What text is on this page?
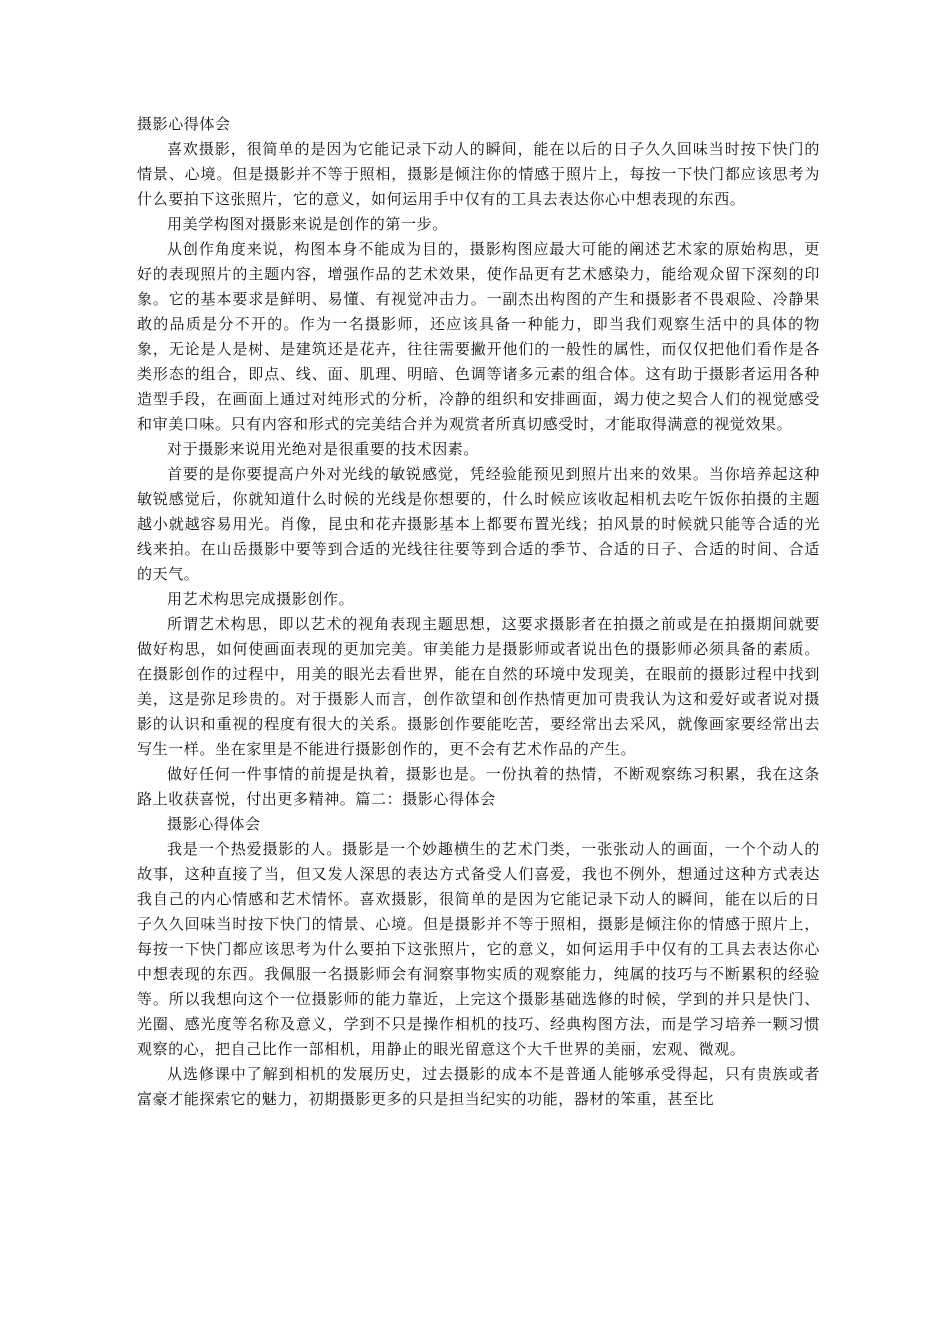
摄影心得体会

喜欢摄影，很简单的是因为它能记录下动人的瞬间，能在以后的日子久久回味当时按下快门的情景、心境。但是摄影并不等于照相，摄影是倾注你的情感于照片上，每按一下快门都应该思考为什么要拍下这张照片，它的意义，如何运用手中仅有的工具去表达你心中想表现的东西。

用美学构图对摄影来说是创作的第一步。

从创作角度来说，构图本身不能成为目的，摄影构图应最大可能的阐述艺术家的原始构思，更好的表现照片的主题内容，增强作品的艺术效果，使作品更有艺术感染力，能给观众留下深刻的印象。它的基本要求是鲜明、易懂、有视觉冲击力。一副杰出构图的产生和摄影者不畏艰险、冷静果敢的品质是分不开的。作为一名摄影师，还应该具备一种能力，即当我们观察生活中的具体的物象，无论是人是树、是建筑还是花卉，往往需要撇开他们的一般性的属性，而仅仅把他们看作是各类形态的组合，即点、线、面、肌理、明暗、色调等诸多元素的组合体。这有助于摄影者运用各种造型手段，在画面上通过对纯形式的分析，冷静的组织和安排画面，竭力使之契合人们的视觉感受和审美口味。只有内容和形式的完美结合并为观赏者所真切感受时，才能取得满意的视觉效果。

对于摄影来说用光绝对是很重要的技术因素。

首要的是你要提高户外对光线的敏锐感觉，凭经验能预见到照片出来的效果。当你培养起这种敏锐感觉后，你就知道什么时候的光线是你想要的，什么时候应该收起相机去吃午饭你拍摄的主题越小就越容易用光。肖像，昆虫和花卉摄影基本上都要布置光线；拍风景的时候就只能等合适的光线来拍。在山岳摄影中要等到合适的光线往往要等到合适的季节、合适的日子、合适的时间、合适的天气。

用艺术构思完成摄影创作。

所谓艺术构思，即以艺术的视角表现主题思想，这要求摄影者在拍摄之前或是在拍摄期间就要做好构思，如何使画面表现的更加完美。审美能力是摄影师或者说出色的摄影师必须具备的素质。在摄影创作的过程中，用美的眼光去看世界，能在自然的环境中发现美，在眼前的摄影过程中找到美，这是弥足珍贵的。对于摄影人而言，创作欲望和创作热情更加可贵我认为这和爱好或者说对摄影的认识和重视的程度有很大的关系。摄影创作要能吃苦，要经常出去采风，就像画家要经常出去写生一样。坐在家里是不能进行摄影创作的，更不会有艺术作品的产生。

做好任何一件事情的前提是执着，摄影也是。一份执着的热情，不断观察练习积累，我在这条路上收获喜悦，付出更多精神。篇二：摄影心得体会

摄影心得体会

我是一个热爱摄影的人。摄影是一个妙趣横生的艺术门类，一张张动人的画面，一个个动人的故事，这种直接了当，但又发人深思的表达方式备受人们喜爱，我也不例外，想通过这种方式表达我自己的内心情感和艺术情怀。喜欢摄影，很简单的是因为它能记录下动人的瞬间，能在以后的日子久久回味当时按下快门的情景、心境。但是摄影并不等于照相，摄影是倾注你的情感于照片上，每按一下快门都应该思考为什么要拍下这张照片，它的意义，如何运用手中仅有的工具去表达你心中想表现的东西。我佩服一名摄影师会有洞察事物实质的观察能力，纯属的技巧与不断累积的经验等。所以我想向这个一位摄影师的能力靠近，上完这个摄影基础选修的时候，学到的并只是快门、光圈、感光度等名称及意义，学到不只是操作相机的技巧、经典构图方法，而是学习培养一颗习惯观察的心，把自己比作一部相机，用静止的眼光留意这个大千世界的美丽，宏观、微观。

从选修课中了解到相机的发展历史，过去摄影的成本不是普通人能够承受得起，只有贵族或者富豪才能探索它的魅力，初期摄影更多的只是担当纪实的功能，器材的笨重，甚至比
